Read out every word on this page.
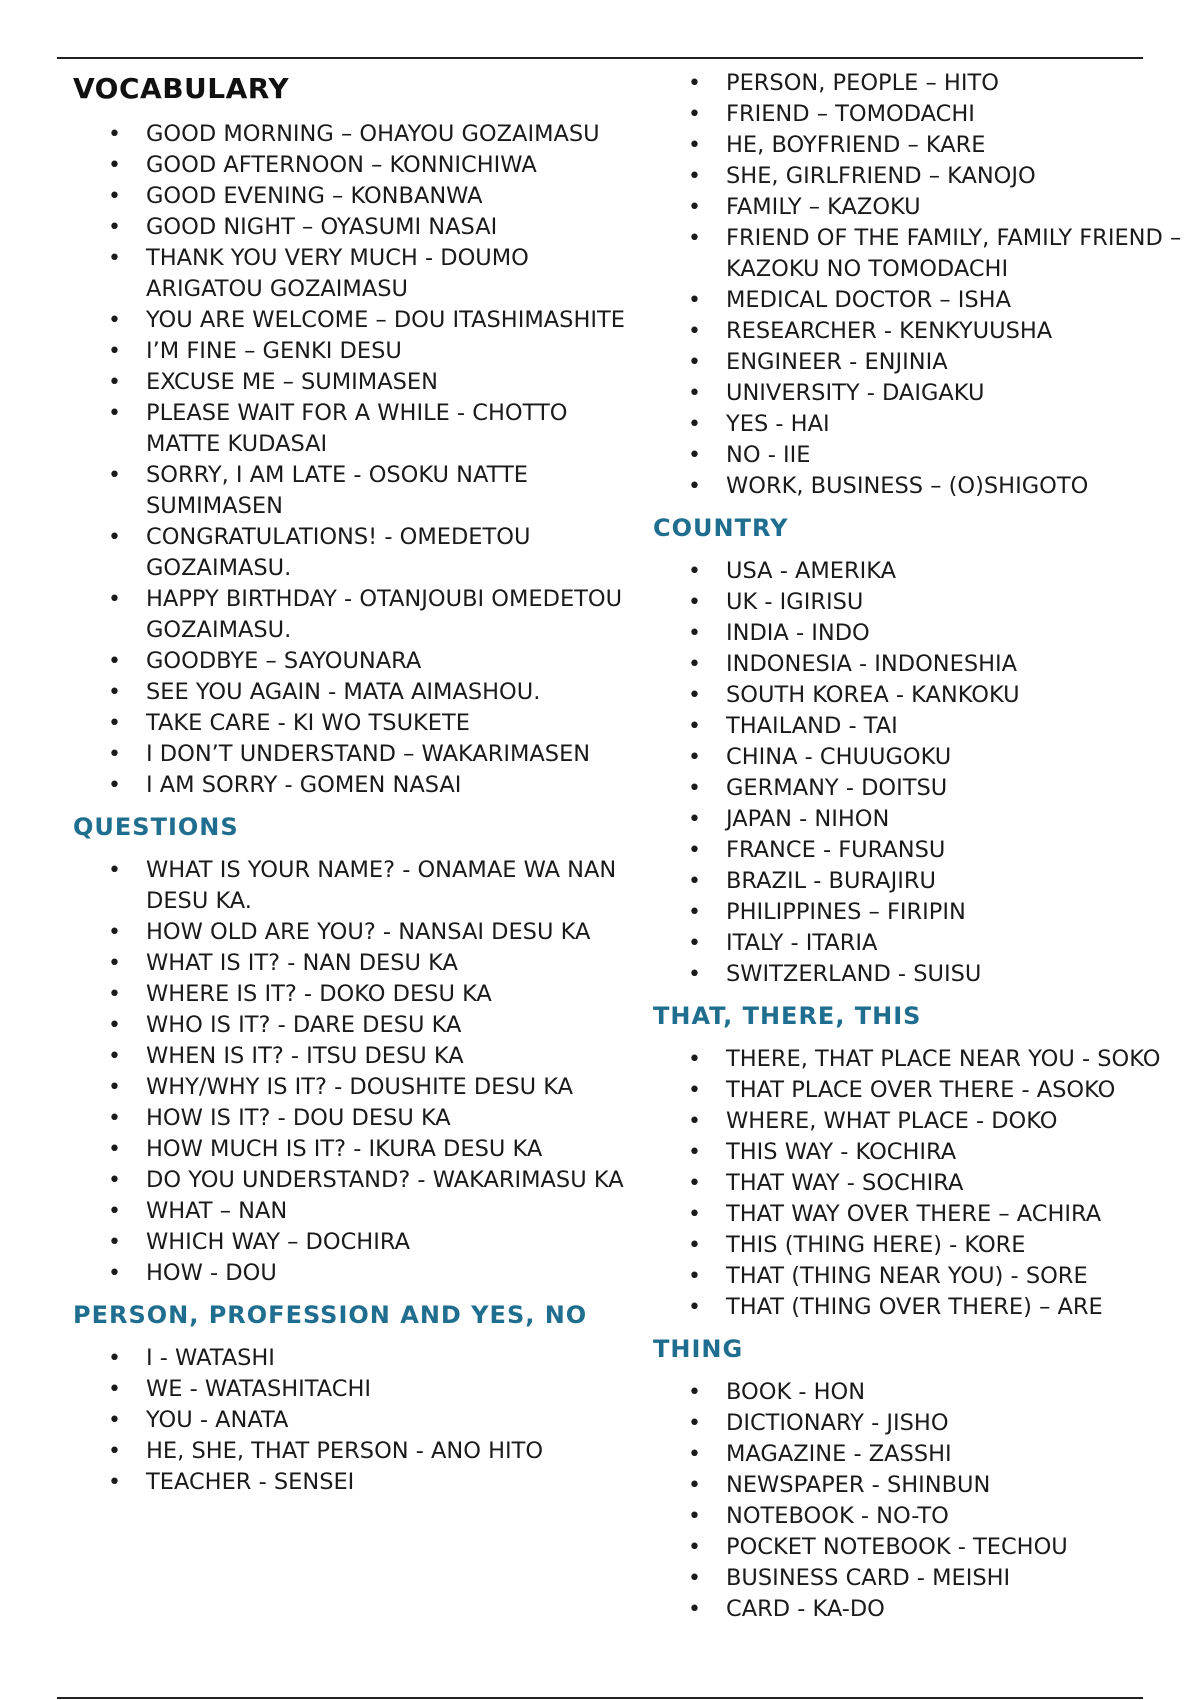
VOCABULARY
• GOOD MORNING – OHAYOU GOZAIMASU
• GOOD AFTERNOON – KONNICHIWA
• GOOD EVENING – KONBANWA
• GOOD NIGHT – OYASUMI NASAI
• THANK YOU VERY MUCH - DOUMO ARIGATOU GOZAIMASU
• YOU ARE WELCOME – DOU ITASHIMASHITE
• I’M FINE – GENKI DESU
• EXCUSE ME – SUMIMASEN
• PLEASE WAIT FOR A WHILE - CHOTTO MATTE KUDASAI
• SORRY, I AM LATE - OSOKU NATTE SUMIMASEN
• CONGRATULATIONS! - OMEDETOU GOZAIMASU.
• HAPPY BIRTHDAY - OTANJOUBI OMEDETOU GOZAIMASU.
• GOODBYE – SAYOUNARA
• SEE YOU AGAIN - MATA AIMASHOU.
• TAKE CARE - KI WO TSUKETE
• I DON’T UNDERSTAND – WAKARIMASEN
• I AM SORRY - GOMEN NASAI
QUESTIONS
• WHAT IS YOUR NAME? - ONAMAE WA NAN DESU KA.
• HOW OLD ARE YOU? - NANSAI DESU KA
• WHAT IS IT? - NAN DESU KA
• WHERE IS IT? - DOKO DESU KA
• WHO IS IT? - DARE DESU KA
• WHEN IS IT? - ITSU DESU KA
• WHY/WHY IS IT? - DOUSHITE DESU KA
• HOW IS IT? - DOU DESU KA
• HOW MUCH IS IT? - IKURA DESU KA
• DO YOU UNDERSTAND? - WAKARIMASU KA
• WHAT – NAN
• WHICH WAY – DOCHIRA
• HOW - DOU
PERSON, PROFESSION AND YES, NO
• I - WATASHI
• WE - WATASHITACHI
• YOU - ANATA
• HE, SHE, THAT PERSON - ANO HITO
• TEACHER - SENSEI
• PERSON, PEOPLE – HITO
• FRIEND – TOMODACHI
• HE, BOYFRIEND – KARE
• SHE, GIRLFRIEND – KANOJO
• FAMILY – KAZOKU
• FRIEND OF THE FAMILY, FAMILY FRIEND – KAZOKU NO TOMODACHI
• MEDICAL DOCTOR – ISHA
• RESEARCHER - KENKYUUSHA
• ENGINEER - ENJINIA
• UNIVERSITY - DAIGAKU
• YES - HAI
• NO - IIE
• WORK, BUSINESS – (O)SHIGOTO
COUNTRY
• USA - AMERIKA
• UK - IGIRISU
• INDIA - INDO
• INDONESIA - INDONESHIA
• SOUTH KOREA - KANKOKU
• THAILAND - TAI
• CHINA - CHUUGOKU
• GERMANY - DOITSU
• JAPAN - NIHON
• FRANCE - FURANSU
• BRAZIL - BURAJIRU
• PHILIPPINES – FIRIPIN
• ITALY - ITARIA
• SWITZERLAND - SUISU
THAT, THERE, THIS
• THERE, THAT PLACE NEAR YOU - SOKO
• THAT PLACE OVER THERE - ASOKO
• WHERE, WHAT PLACE - DOKO
• THIS WAY - KOCHIRA
• THAT WAY - SOCHIRA
• THAT WAY OVER THERE – ACHIRA
• THIS (THING HERE) - KORE
• THAT (THING NEAR YOU) - SORE
• THAT (THING OVER THERE) – ARE
THING
• BOOK - HON
• DICTIONARY - JISHO
• MAGAZINE - ZASSHI
• NEWSPAPER - SHINBUN
• NOTEBOOK - NO-TO
• POCKET NOTEBOOK - TECHOU
• BUSINESS CARD - MEISHI
• CARD - KA-DO
